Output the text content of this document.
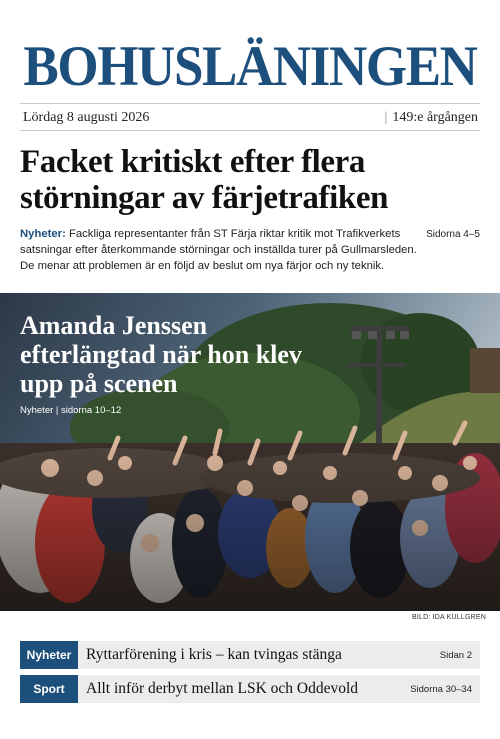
BOHUSLÄNINGEN
Lördag 8 augusti 2026	| 149:e årgången
Facket kritiskt efter flera störningar av färjetrafiken

Sidorna 4–5
Nyheter: Fackliga representanter från ST Färja riktar kritik mot Trafikverkets satsningar efter återkommande störningar och inställda turer på Gullmarsleden. De menar att problemen är en följd av beslut om nya färjor och ny teknik.

Amanda Jenssen efterlängtad när hon klev upp på scenen
Nyheter | sidorna 10–12
BILD: IDA KULLGREN
Nyheter Ryttarförening i kris – kan tvingas stänga	Sidan 2
Sport	Allt inför derbyt mellan LSK och Oddevold	Sidorna 30–34
